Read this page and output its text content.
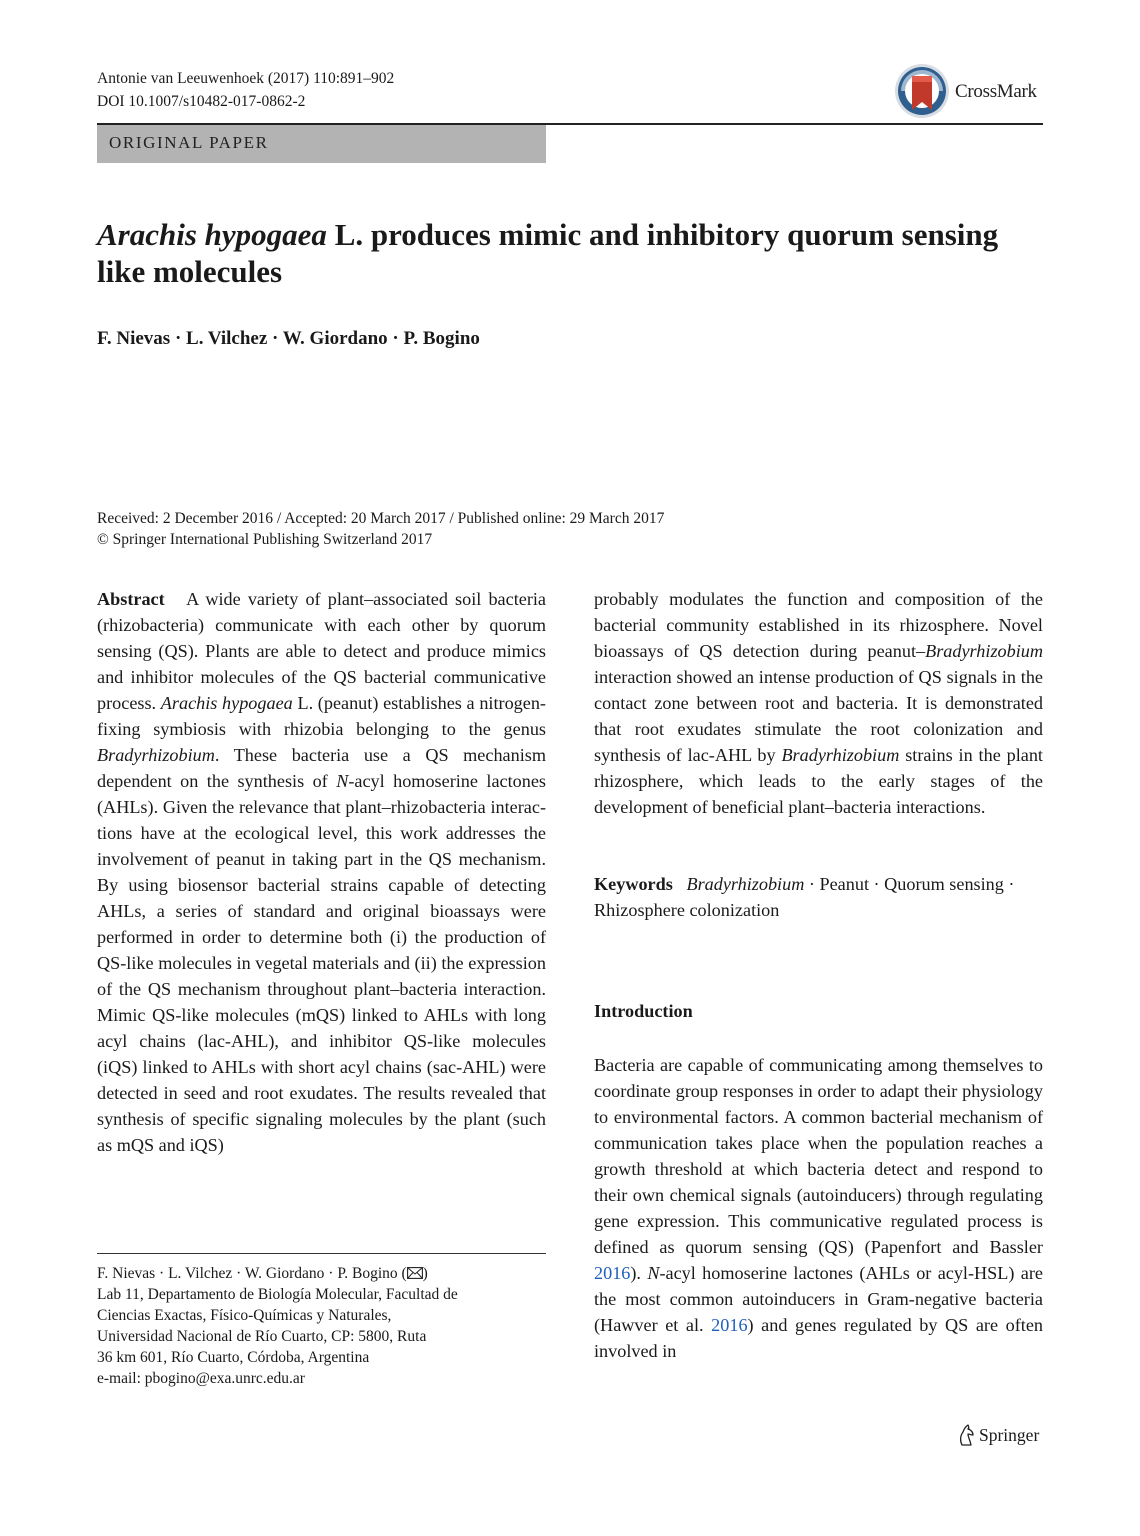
Antonie van Leeuwenhoek (2017) 110:891–902
DOI 10.1007/s10482-017-0862-2	CrossMark
ORIGINAL PAPER
Arachis hypogaea L. produces mimic and inhibitory quorum sensing like molecules
F. Nievas · L. Vilchez · W. Giordano · P. Bogino
Received: 2 December 2016 / Accepted: 20 March 2017 / Published online: 29 March 2017
© Springer International Publishing Switzerland 2017

Abstract A wide variety of plant–associated soil bacteria (rhizobacteria) communicate with each other by quorum sensing (QS). Plants are able to detect and produce mimics and inhibitor molecules of the QS bacterial communicative process. Arachis hypogaea L. (peanut) establishes a nitrogen-fixing symbiosis with rhizobia belonging to the genus Bradyrhizobium. These bacteria use a QS mechanism dependent on the synthesis of N-acyl homoserine lactones (AHLs). Given the relevance that plant–rhizobacteria interactions have at the ecological level, this work addresses the involvement of peanut in taking part in the QS mechanism. By using biosensor bacterial strains capable of detecting AHLs, a series of standard and original bioassays were performed in order to determine both (i) the production of QS-like molecules in vegetal materials and (ii) the expression of the QS mechanism throughout plant–bacteria interaction. Mimic QS-like molecules (mQS) linked to AHLs with long acyl chains (lac-AHL), and inhibitor QS-like molecules (iQS) linked to AHLs with short acyl chains (sac-AHL) were detected in seed and root exudates. The results revealed that synthesis of specific signaling molecules by the plant (such as mQS and iQS)

probably modulates the function and composition of the bacterial community established in its rhizosphere. Novel bioassays of QS detection during peanut–Bradyrhizobium interaction showed an intense production of QS signals in the contact zone between root and bacteria. It is demonstrated that root exudates stimulate the root colonization and synthesis of lac-AHL by Bradyrhizobium strains in the plant rhizosphere, which leads to the early stages of the development of beneficial plant–bacteria interactions.

Keywords Bradyrhizobium · Peanut · Quorum sensing · Rhizosphere colonization
Introduction

Bacteria are capable of communicating among themselves to coordinate group responses in order to adapt their physiology to environmental factors. A common bacterial mechanism of communication takes place when the population reaches a growth threshold at which bacteria detect and respond to their own chemical signals (autoinducers) through regulating gene expression. This communicative regulated process is defined as quorum sensing (QS) (Papenfort and Bassler 2016). N-acyl homoserine lactones (AHLs or acyl-HSL) are the most common autoinducers in Gram-negative bacteria (Hawver et al. 2016) and genes regulated by QS are often involved in

F. Nievas · L. Vilchez · W. Giordano · P. Bogino ( )
Lab 11, Departamento de Biología Molecular, Facultad de
Ciencias Exactas, Físico-Químicas y Naturales,
Universidad Nacional de Río Cuarto, CP: 5800, Ruta
36 km 601, Río Cuarto, Córdoba, Argentina
e-mail: pbogino@exa.unrc.edu.ar
Springer
